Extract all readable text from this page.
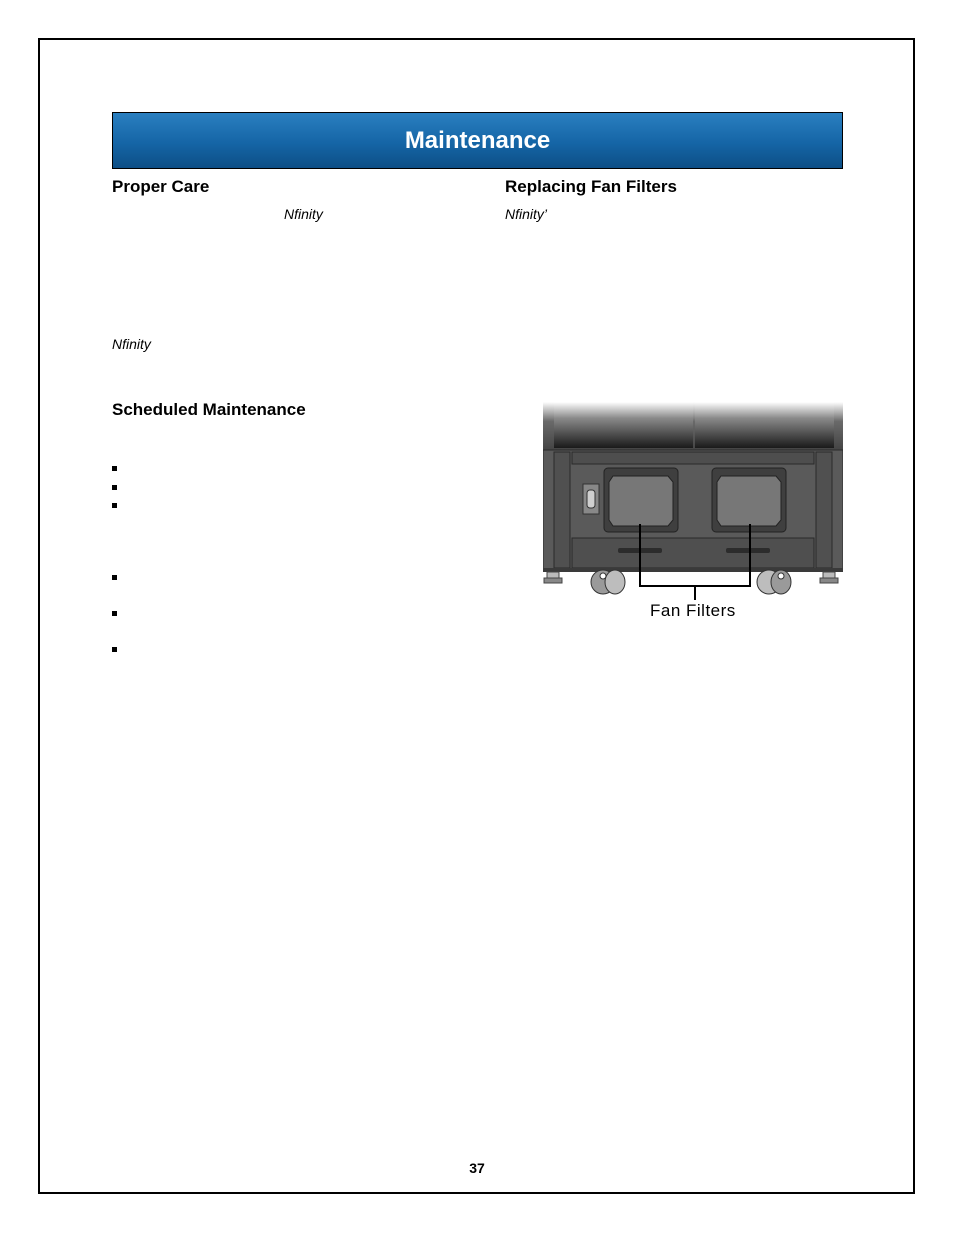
Maintenance
Proper Care
Nfinity
Nfinity
Scheduled Maintenance
Replacing Fan Filters
Nfinity’
Fan Filters
37
